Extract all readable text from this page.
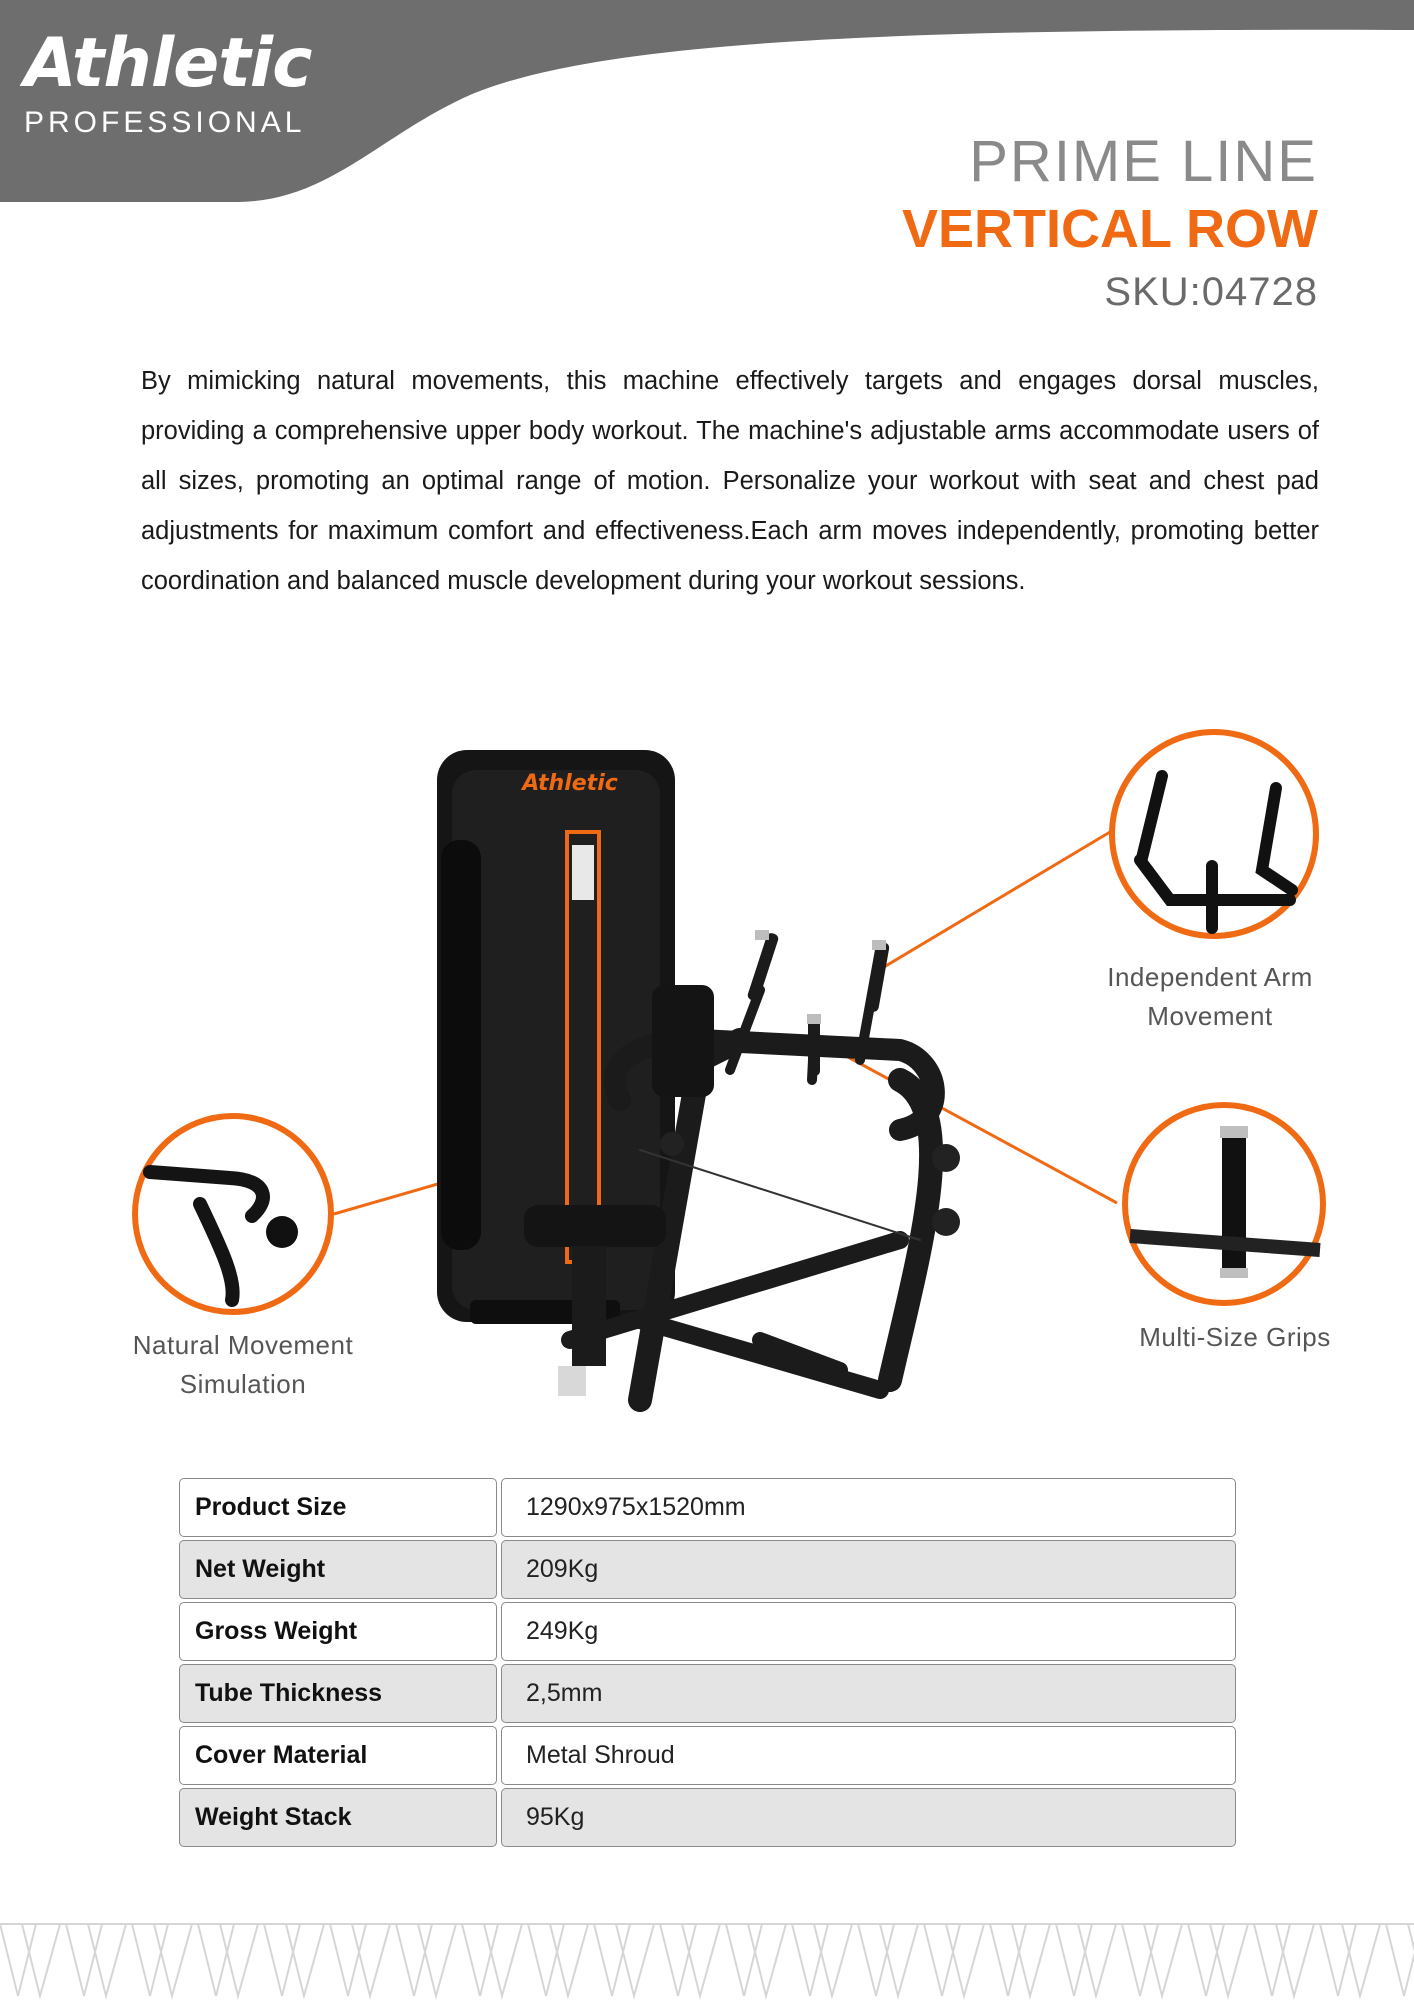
Athletic
PROFESSIONAL
PRIME LINE
VERTICAL ROW
SKU:04728

By mimicking natural movements, this machine effectively targets and engages dorsal muscles, providing a comprehensive upper body workout. The machine's adjustable arms accommodate users of all sizes, promoting an optimal range of motion. Personalize your workout with seat and chest pad adjustments for maximum comfort and effectiveness.Each arm moves independently, promoting better coordination and balanced muscle development during your workout sessions.

Athletic
Independent Arm
Movement
Natural Movement
Simulation
Multi-Size Grips
Product Size	1290x975x1520mm
Net Weight	209Kg
Gross Weight	249Kg
Tube Thickness	2,5mm
Cover Material	Metal Shroud
Weight Stack	95Kg
